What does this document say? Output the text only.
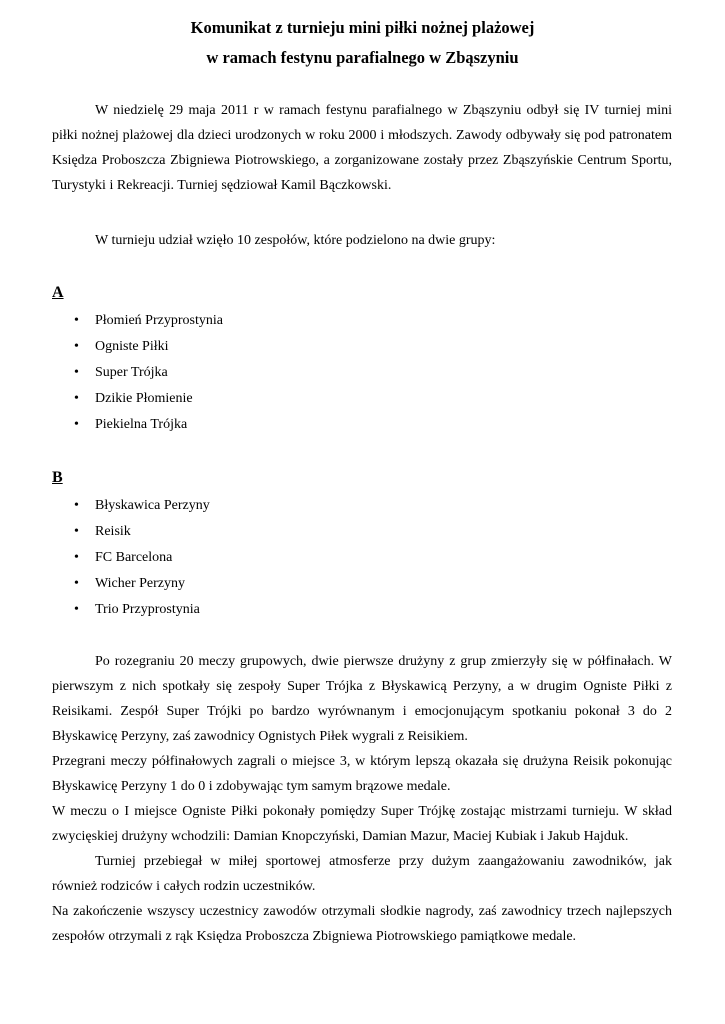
Komunikat z turnieju mini piłki nożnej plażowej
w ramach festynu parafialnego w Zbąszyniu
W niedzielę 29 maja 2011 r w ramach festynu parafialnego w Zbąszyniu odbył się IV turniej mini piłki nożnej plażowej dla dzieci urodzonych w roku 2000 i młodszych. Zawody odbywały się pod patronatem Księdza Proboszcza Zbigniewa Piotrowskiego, a zorganizowane zostały przez Zbąszyńskie Centrum Sportu, Turystyki i Rekreacji. Turniej sędziował Kamil Bączkowski.
W turnieju udział wzięło 10 zespołów, które podzielono na dwie grupy:
A
• Płomień Przyprostynia
• Ogniste Piłki
• Super Trójka
• Dzikie Płomienie
• Piekielna Trójka
B
• Błyskawica Perzyny
• Reisik
• FC Barcelona
• Wicher Perzyny
• Trio Przyprostynia
Po rozegraniu 20 meczy grupowych, dwie pierwsze drużyny z grup zmierzyły się w półfinałach. W pierwszym z nich spotkały się zespoły Super Trójka z Błyskawicą Perzyny, a w drugim Ogniste Piłki z Reisikami. Zespół Super Trójki po bardzo wyrównanym i emocjonującym spotkaniu pokonał 3 do 2 Błyskawicę Perzyny, zaś zawodnicy Ognistych Piłek wygrali z Reisikiem.
Przegrani meczy półfinałowych zagrali o miejsce 3, w którym lepszą okazała się drużyna Reisik pokonując Błyskawicę Perzyny 1 do 0 i zdobywając tym samym brązowe medale.
W meczu o I miejsce Ogniste Piłki pokonały pomiędzy Super Trójkę zostając mistrzami turnieju. W skład zwycięskiej drużyny wchodzili: Damian Knopczyński, Damian Mazur, Maciej Kubiak i Jakub Hajduk.
Turniej przebiegał w miłej sportowej atmosferze przy dużym zaangażowaniu zawodników, jak również rodziców i całych rodzin uczestników.
Na zakończenie wszyscy uczestnicy zawodów otrzymali słodkie nagrody, zaś zawodnicy trzech najlepszych zespołów otrzymali z rąk Księdza Proboszcza Zbigniewa Piotrowskiego pamiątkowe medale.
